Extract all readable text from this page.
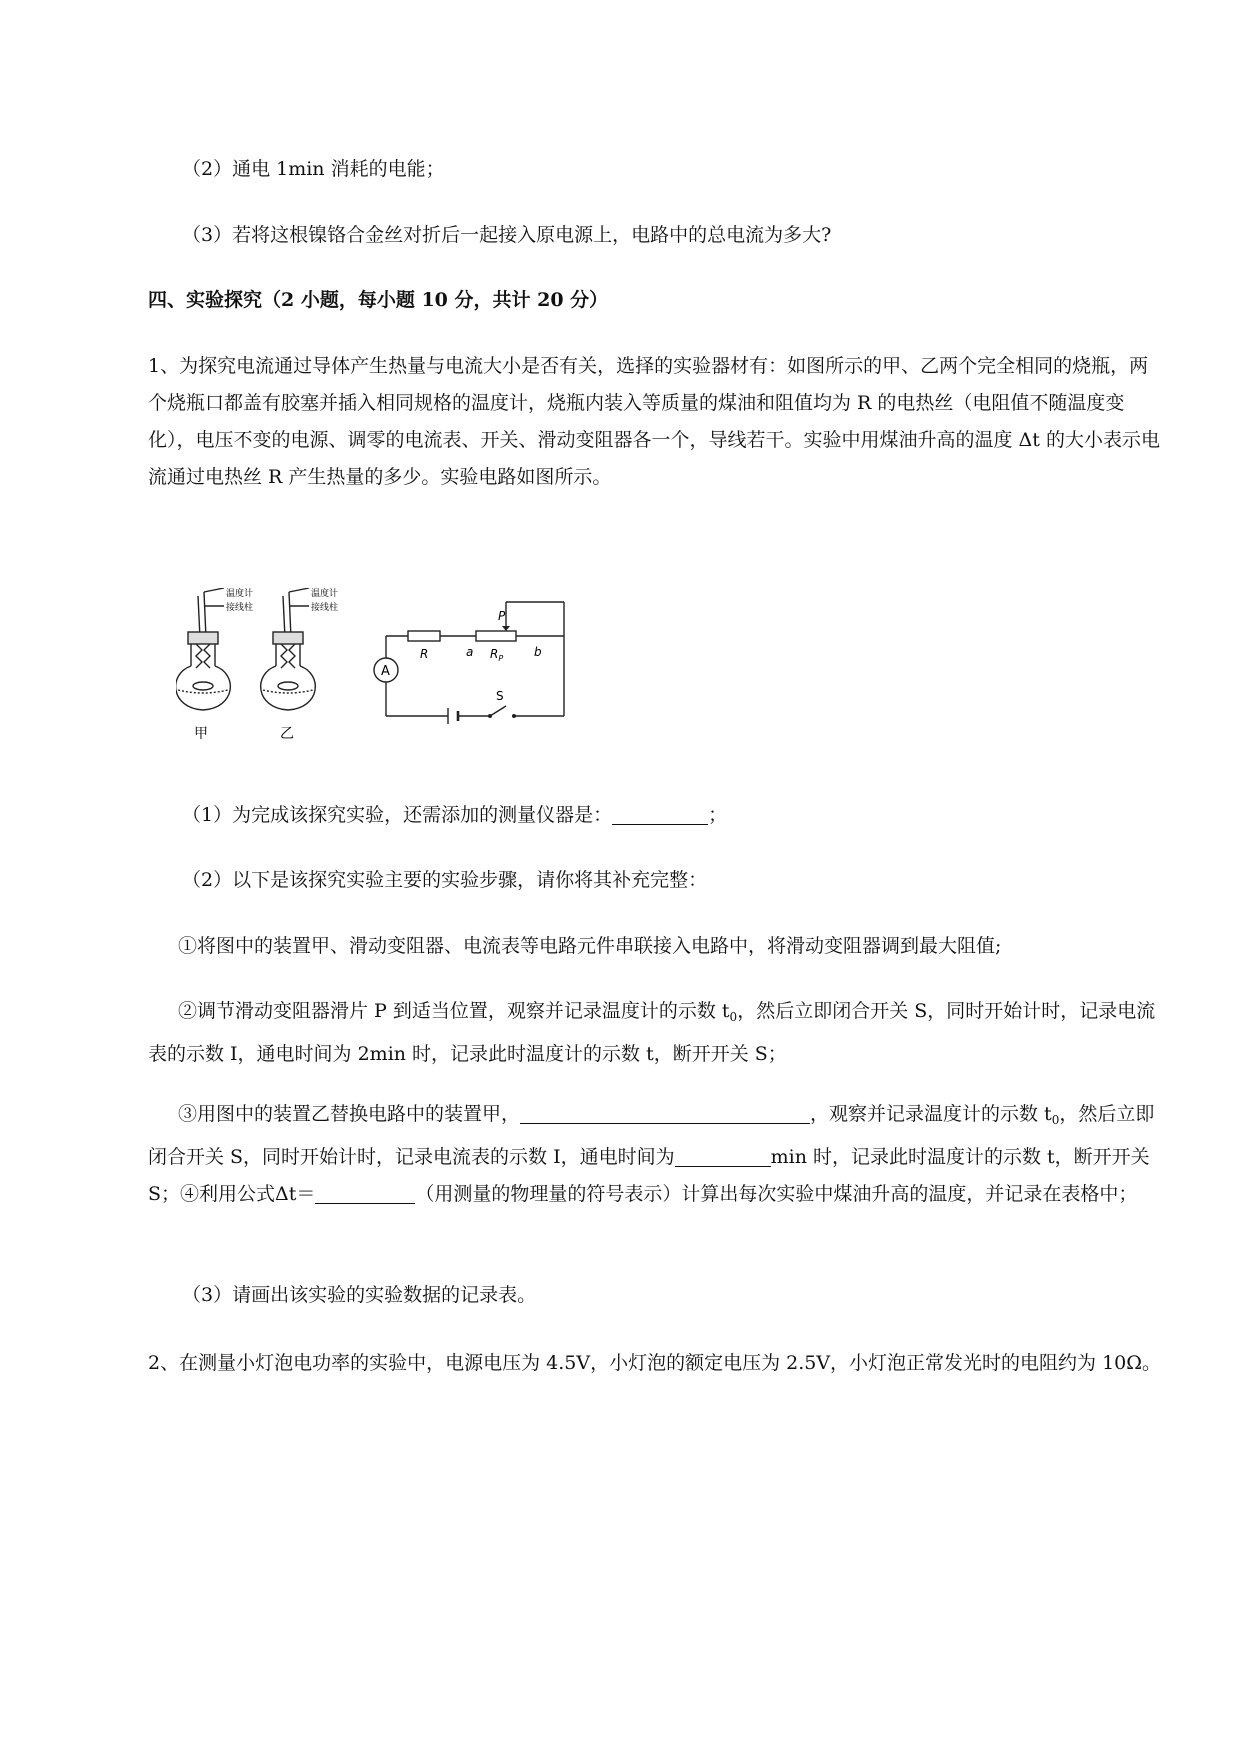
（2）通电 1min 消耗的电能；

（3）若将这根镍铬合金丝对折后一起接入原电源上，电路中的总电流为多大?

四、实验探究（2 小题，每小题 10 分，共计 20 分）

1、为探究电流通过导体产生热量与电流大小是否有关，选择的实验器材有：如图所示的甲、乙两个完全相同的烧瓶，两个烧瓶口都盖有胶塞并插入相同规格的温度计，烧瓶内装入等质量的煤油和阻值均为 R 的电热丝（电阻值不随温度变化），电压不变的电源、调零的电流表、开关、滑动变阻器各一个，导线若干。实验中用煤油升高的温度 Δt 的大小表示电流通过电热丝 R 产生热量的多少。实验电路如图所示。

温度计
接线柱
温度计
接线柱
甲	乙
A
R	a $R_P$	b
P
S

（1）为完成该探究实验，还需添加的测量仪器是：	；

（2）以下是该探究实验主要的实验步骤，请你将其补充完整：

①将图中的装置甲、滑动变阻器、电流表等电路元件串联接入电路中，将滑动变阻器调到最大阻值;

②调节滑动变阻器滑片 P 到适当位置，观察并记录温度计的示数 $t_0$，然后立即闭合开关 S，同时开始计时，记录电流表的示数 I，通电时间为 2min 时，记录此时温度计的示数 t，断开开关 S；

③用图中的装置乙替换电路中的装置甲，	，观察并记录温度计的示数 $t_0$，然后立即闭合开关 S，同时开始计时，记录电流表的示数 I，通电时间为	min 时，记录此时温度计的示数 t，断开开关 S；④利用公式Δt＝	（用测量的物理量的符号表示）计算出每次实验中煤油升高的温度，并记录在表格中；

（3）请画出该实验的实验数据的记录表。

2、在测量小灯泡电功率的实验中，电源电压为 4.5V，小灯泡的额定电压为 2.5V，小灯泡正常发光时的电阻约为 10Ω。
